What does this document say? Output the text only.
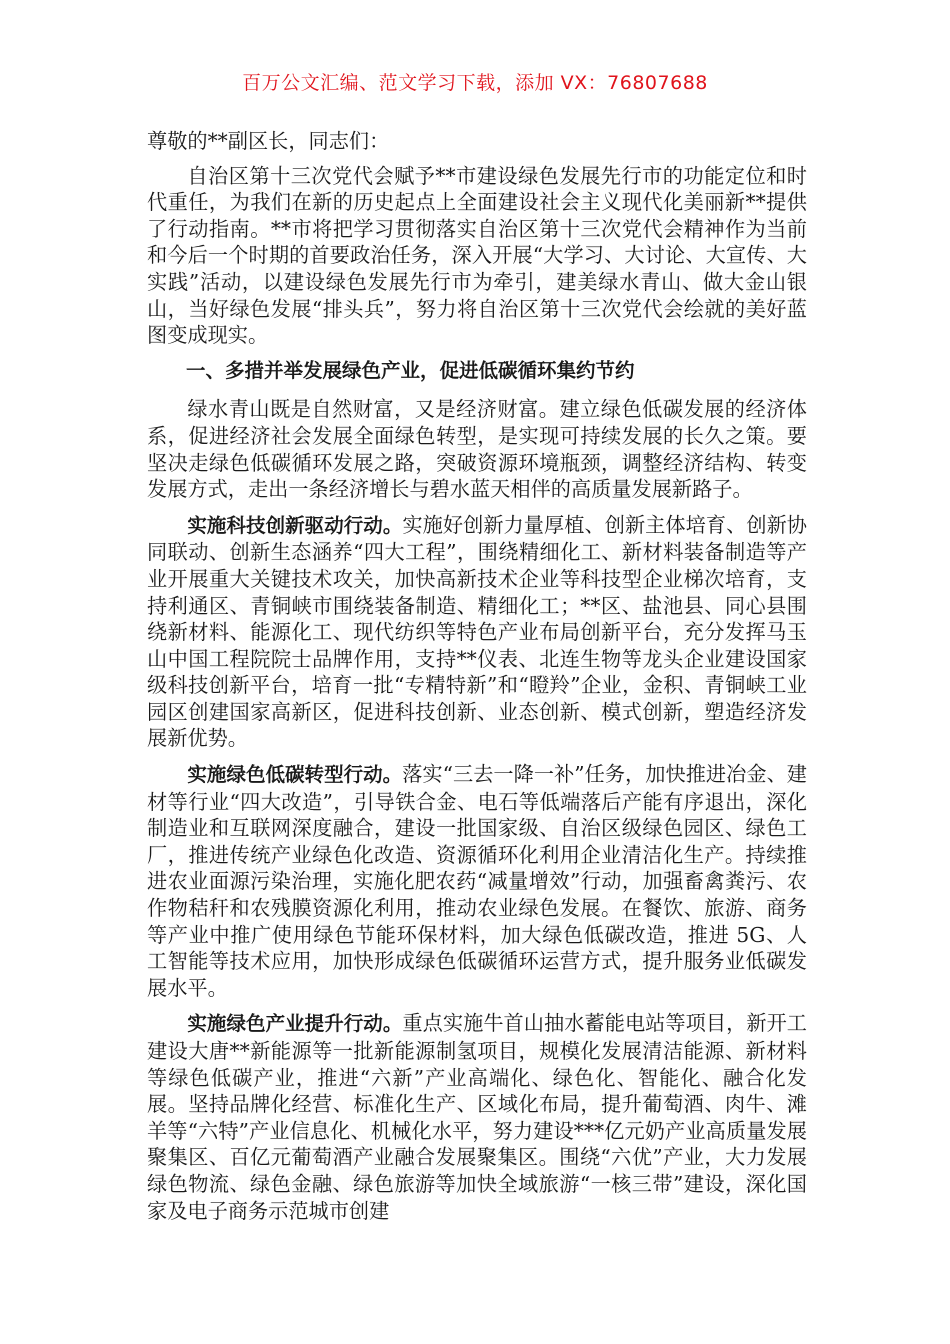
百万公文汇编、范文学习下载，添加 VX：76807688

尊敬的**副区长，同志们：

自治区第十三次党代会赋予**市建设绿色发展先行市的功能定位和时代重任，为我们在新的历史起点上全面建设社会主义现代化美丽新**提供了行动指南。**市将把学习贯彻落实自治区第十三次党代会精神作为当前和今后一个时期的首要政治任务，深入开展“大学习、大讨论、大宣传、大实践”活动，以建设绿色发展先行市为牵引，建美绿水青山、做大金山银山，当好绿色发展“排头兵”，努力将自治区第十三次党代会绘就的美好蓝图变成现实。

一、多措并举发展绿色产业，促进低碳循环集约节约

绿水青山既是自然财富，又是经济财富。建立绿色低碳发展的经济体系，促进经济社会发展全面绿色转型，是实现可持续发展的长久之策。要坚决走绿色低碳循环发展之路，突破资源环境瓶颈，调整经济结构、转变发展方式，走出一条经济增长与碧水蓝天相伴的高质量发展新路子。

实施科技创新驱动行动。实施好创新力量厚植、创新主体培育、创新协同联动、创新生态涵养“四大工程”，围绕精细化工、新材料装备制造等产业开展重大关键技术攻关，加快高新技术企业等科技型企业梯次培育，支持利通区、青铜峡市围绕装备制造、精细化工；**区、盐池县、同心县围绕新材料、能源化工、现代纺织等特色产业布局创新平台，充分发挥马玉山中国工程院院士品牌作用，支持**仪表、北连生物等龙头企业建设国家级科技创新平台，培育一批“专精特新”和“瞪羚”企业，金积、青铜峡工业园区创建国家高新区，促进科技创新、业态创新、模式创新，塑造经济发展新优势。

实施绿色低碳转型行动。落实“三去一降一补”任务，加快推进冶金、建材等行业“四大改造”，引导铁合金、电石等低端落后产能有序退出，深化制造业和互联网深度融合，建设一批国家级、自治区级绿色园区、绿色工厂，推进传统产业绿色化改造、资源循环化利用企业清洁化生产。持续推进农业面源污染治理，实施化肥农药“减量增效”行动，加强畜禽粪污、农作物秸秆和农残膜资源化利用，推动农业绿色发展。在餐饮、旅游、商务等产业中推广使用绿色节能环保材料，加大绿色低碳改造，推进 5G、人工智能等技术应用，加快形成绿色低碳循环运营方式，提升服务业低碳发展水平。

实施绿色产业提升行动。重点实施牛首山抽水蓄能电站等项目，新开工建设大唐**新能源等一批新能源制氢项目，规模化发展清洁能源、新材料等绿色低碳产业，推进“六新”产业高端化、绿色化、智能化、融合化发展。坚持品牌化经营、标准化生产、区域化布局，提升葡萄酒、肉牛、滩羊等“六特”产业信息化、机械化水平，努力建设***亿元奶产业高质量发展聚集区、百亿元葡萄酒产业融合发展聚集区。围绕“六优”产业，大力发展绿色物流、绿色金融、绿色旅游等加快全域旅游“一核三带”建设，深化国家及电子商务示范城市创建
